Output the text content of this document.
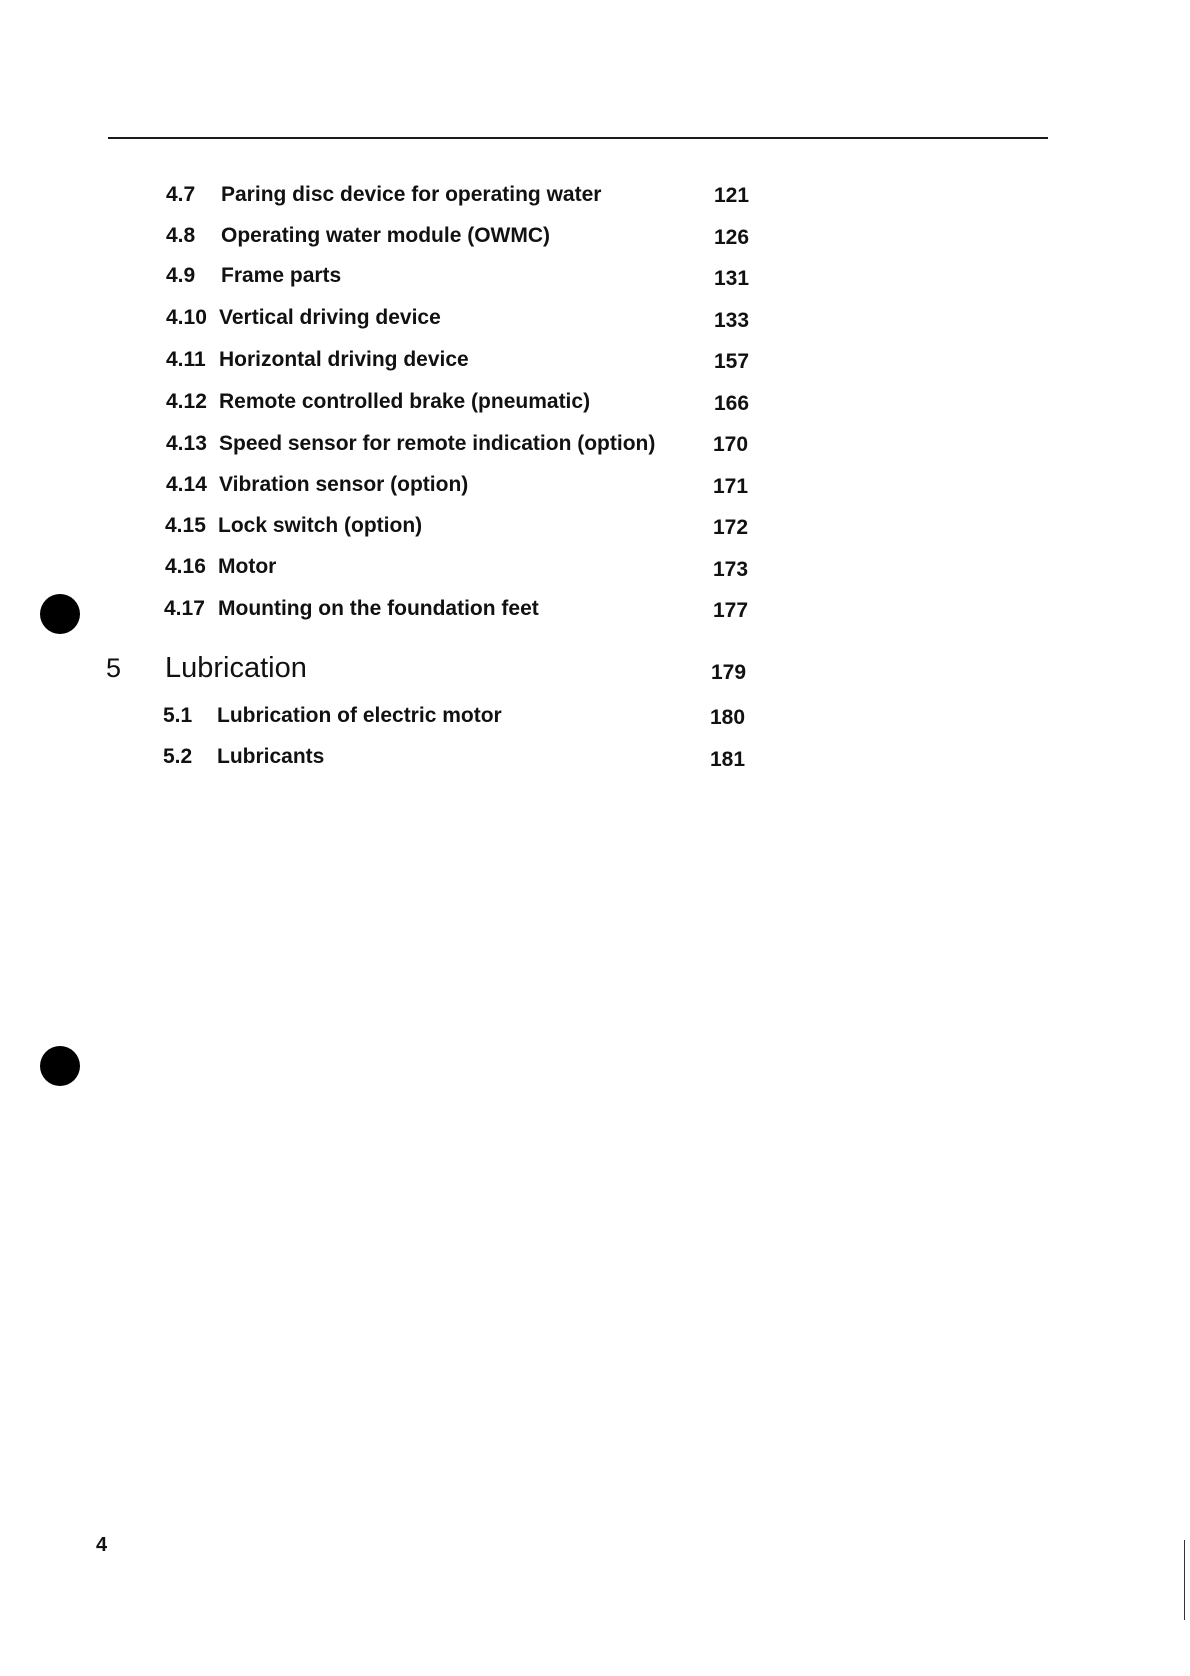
4.7 Paring disc device for operating water	121
4.8 Operating water module (OWMC)	126
4.9 Frame parts	131
4.10 Vertical driving device	133
4.11 Horizontal driving device	157
4.12 Remote controlled brake (pneumatic)	166
4.13 Speed sensor for remote indication (option)	170
4.14 Vibration sensor (option)	171
4.15 Lock switch (option)	172
4.16 Motor	173
4.17 Mounting on the foundation feet	177
5 Lubrication	179
5.1 Lubrication of electric motor	180
5.2 Lubricants	181
4
